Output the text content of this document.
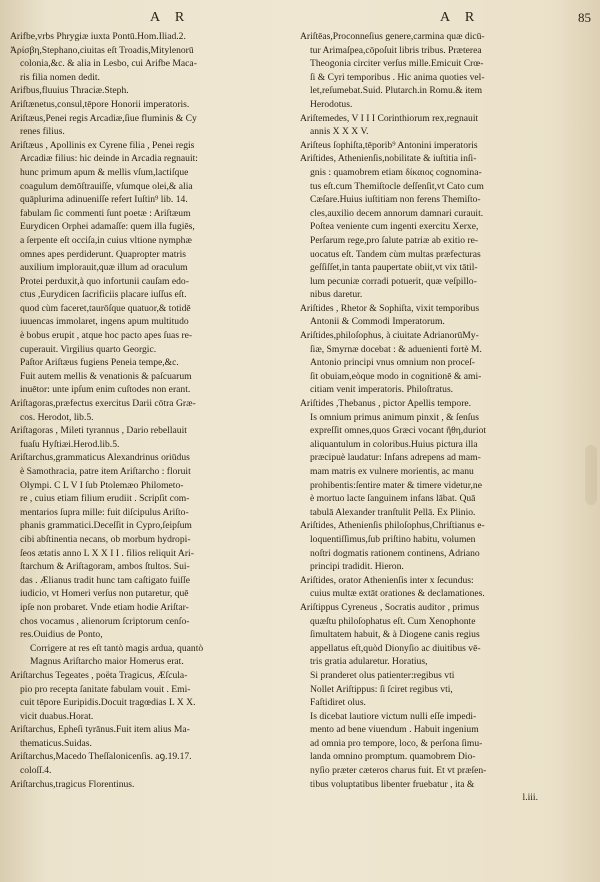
A R	A R	85
Arifbe,vrbs Phrygiæ iuxta Pontū.Hom.Iliad.2.
Ἀρίσβη,Stephano,ciuitas eſt Troadis,Mitylenorū
colonia,&c. & alia in Lesbo, cui Arifbe Maca-
ris filia nomen dedit.
Arifbus,fluuius Thraciæ.Steph.
Ariſtænetus,consul,tēpore Honorii imperatoris.
Ariſtæus,Penei regis Arcadiæ,ſiue fluminis & Cy
renes filius.
Ariſtæus , Apollinis ex Cyrene filia , Penei regis
Arcadiæ filius: hic deinde in Arcadia regnauit:
hunc primum apum & mellis vſum,lactiſque
coagulum demōſtrauiſſe, vſumque olei,& alia
quāplurima adinueniſſe refert Iuſtin⁹ lib. 14.
fabulam ſic commenti ſunt poetæ : Ariſtæum
Eurydicen Orphei adamaſſe: quem illa fugiēs,
a ſerpente eſt occiſa,in cuius vltione nymphæ
omnes apes perdiderunt. Quapropter matris
auxilium implorauit,quæ illum ad oraculum
Protei perduxit,à quo infortunii cauſam edo-
ctus ,Eurydicen ſacrificiis placare iuſſus eſt.
quod cùm faceret,taurōſque quatuor,& totidē
iuuencas immolaret, ingens apum multitudo
è bobus erupit , atque hoc pacto apes ſuas re-
cuperauit. Virgilius quarto Georgic.
Paſtor Ariſtæus fugiens Peneia tempe,&c.
Fuit autem mellis & venationis & paſcuarum
inuētor: unte ipſum enim cuſtodes non erant.
Ariſtagoras,præfectus exercitus Darii cōtra Græ-
cos. Herodot, lib.5.
Ariſtagoras , Mileti tyrannus , Dario rebellauit
fuaſu Hyſtiæi.Herod.lib.5.
Ariſtarchus,grammaticus Alexandrinus oriūdus
è Samothracia, patre item Ariſtarcho : floruit
Olympi. C L V I ſub Ptolemæo Philometo-
re , cuius etiam filium erudiit . Scripſit com-
mentarios ſupra mille: fuit diſcipulus Ariſto-
phanis grammatici.Deceſſit in Cypro,ſeipſum
cibi abſtinentia necans, ob morbum hydropi-
ſeos ætatis anno L X X I I . filios reliquit Ari-
ſtarchum & Ariſtagoram, ambos ſtultos. Sui-
das . Ælianus tradit hunc tam caſtigato fuiſſe
iudicio, vt Homeri verſus non putaretur, quē
ipſe non probaret. Vnde etiam hodie Ariſtar-
chos vocamus , alienorum ſcriptorum cenſo-
res.Ouidius de Ponto,
Corrigere at res eſt tantò magis ardua, quantò
Magnus Ariſtarcho maior Homerus erat.
Ariſtarchus Tegeates , poëta Tragicus, Æſcula-
pio pro recepta ſanitate fabulam vouit . Emi-
cuit tēpore Euripidis.Docuit tragœdias L X X.
vicit duabus.Horat.
Ariſtarchus, Epheſi tyrānus.Fuit item alius Ma-
thematicus.Suidas.
Ariſtarchus,Macedo Theſſalonicenſis. aꝯ.19.17.
coloſſ.4.
Ariſtarchus,tragicus Florentinus.
Ariſtēas,Proconneſius genere,carmina quæ dicū-
tur Arimaſpea,cōpoſuit libris tribus. Præterea
Theogonia circiter verſus mille.Emicuit Crœ-
ſi & Cyri temporibus . Hic anima quoties vel-
let,reſumebat.Suid. Plutarch.in Romu.& item
Herodotus.
Ariſtemedes, V I I I Corinthiorum rex,regnauit
annis X X X V.
Ariſteus ſophiſta,tēporib⁹ Antonini imperatoris
Ariſtides, Athenienſis,nobilitate & iuſtitia inſi-
gnis : quamobrem etiam δίκαιος cognomina-
tus eſt.cum Themiſtocle deſſenſit,vt Cato cum
Cæſare.Huius iuſtitiam non ferens Themiſto-
cles,auxilio decem annorum damnari curauit.
Poſtea veniente cum ingenti exercitu Xerxe,
Perſarum rege,pro ſalute patriæ ab exitio re-
uocatus eſt. Tandem cùm multas præfecturas
geſſiſſet,in tanta paupertate obiit,vt vix tātil-
lum pecuniæ corradi potuerit, quæ veſpillo-
nibus daretur.
Ariſtides , Rhetor & Sophiſta, vixit temporibus
Antonii & Commodi Imperatorum.
Ariſtides,philoſophus, à ciuitate AdrianorūMy-
ſiæ, Smyrnæ docebat : & aduenienti fortè M.
Antonio principi vnus omnium non proceſ-
ſit obuiam,eòque modo in cognitionē & ami-
citiam venit imperatoris. Philoſtratus.
Ariſtides ,Thebanus , pictor Apellis tempore.
Is omnium primus animum pinxit , & ſenſus
expreſſit omnes,quos Græci vocant ἤθη,duriot
aliquantulum in coloribus.Huius pictura illa
præcipuè laudatur: Infans adrepens ad mam-
mam matris ex vulnere morientis, ac manu
prohibentis:ſentire mater & timere videtur,ne
è mortuo lacte ſanguinem infans lābat. Quā
tabulā Alexander tranſtulit Pellā. Ex Plinio.
Ariſtides, Athenienſis philoſophus,Chriſtianus e-
loquentiſſimus,ſub priſtino habitu, volumen
noſtri dogmatis rationem continens, Adriano
principi tradidit. Hieron.
Ariſtides, orator Athenienſis inter x ſecundus:
cuius multæ extāt orationes & declamationes.
Ariſtippus Cyreneus , Socratis auditor , primus
quæſtu philoſophatus eſt. Cum Xenophonte
ſimultatem habuit, & à Diogene canis regius
appellatus eſt,quòd Dionyſio ac diuitibus vē-
tris gratia adularetur. Horatius,
Si pranderet olus patienter:regibus vti
Nollet Ariſtippus: ſi ſciret regibus vti,
Faſtidiret olus.
Is dicebat lautiore victum nulli eſſe impedi-
mento ad bene viuendum . Habuit ingenium
ad omnia pro tempore, loco, & perſona ſimu-
landa omnino promptum. quamobrem Dio-
nyſio præter cæteros charus fuit. Et vt præſen-
tibus voluptatibus libenter fruebatur , ita &
l.iii.
